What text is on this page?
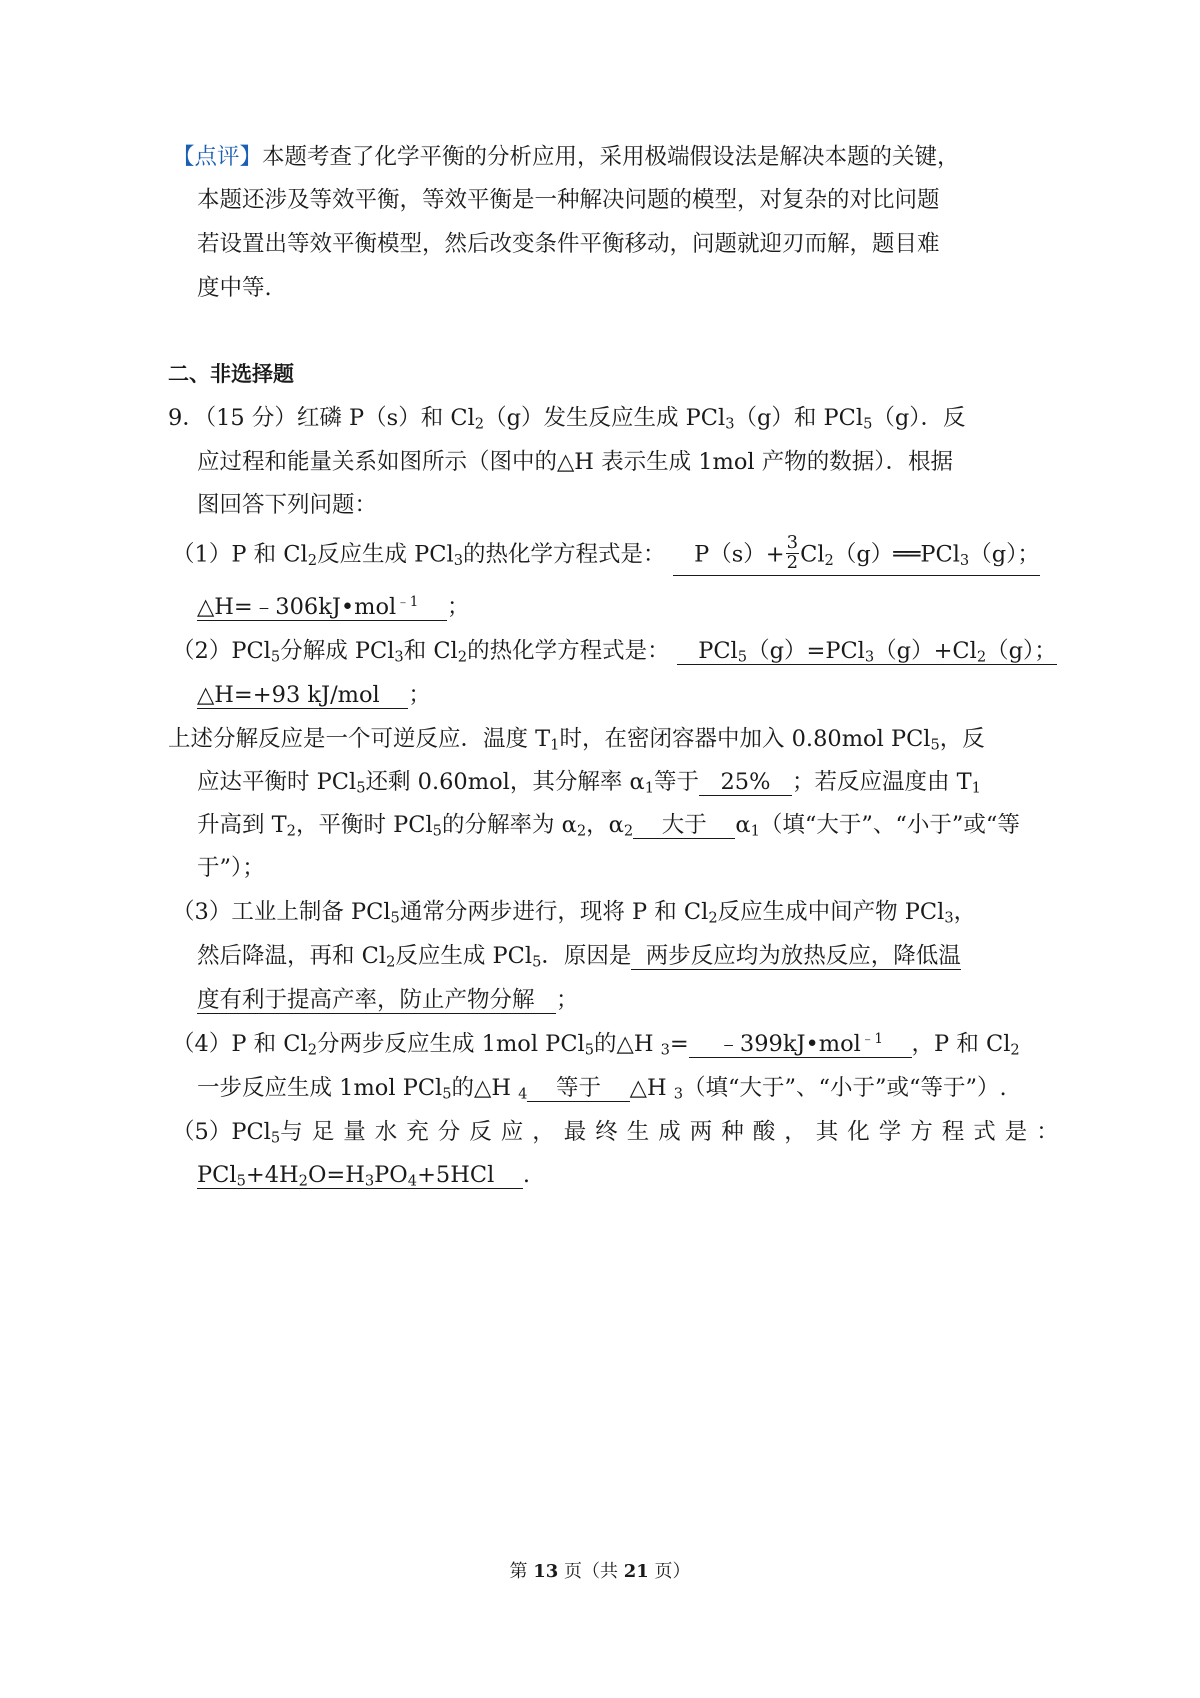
【点评】本题考查了化学平衡的分析应用，采用极端假设法是解决本题的关键，
本题还涉及等效平衡，等效平衡是一种解决问题的模型，对复杂的对比问题
若设置出等效平衡模型，然后改变条件平衡移动，问题就迎刃而解，题目难
度中等.
二、非选择题
9．（15 分）红磷 P（s）和 $Cl_2(g)$发生反应生成 PCl$_3$（g）和 PCl$_5$（g）．反
应过程和能量关系如图所示（图中的△H 表示生成 1mol 产物的数据）．根据
图回答下列问题：
（1）P 和 $Cl_2$反应生成 PCl$_3$的热化学方程式是： $P(s)+ \frac{3}{2}$ $Cl_2(g)══PCl_3(g)$；
△H=﹣306kJ•mol$^{﹣1}$ ；
（2）PCl$_5$分解成 PCl$_3$和 $Cl_2$的热化学方程式是： $PCl_5(g)=PCl_3(g)+Cl_2(g)$；
△H=+93 kJ/mol ；
上述分解反应是一个可逆反应．温度 $T_1$时，在密闭容器中加入 0.80mol PCl$_5$，反
应达平衡时 PCl$_5$还剩 0.60mol，其分解率 $\alpha_1$等于 25% ；若反应温度由 $T_1$
升高到 $T_2$，平衡时 PCl$_5$的分解率为 $\alpha_2$，$\alpha_2$ 大于 $\alpha_1$（填“大于”、“小于”或“等
于”）；
（3）工业上制备 PCl$_5$通常分两步进行，现将 P 和 $Cl_2$反应生成中间产物 PCl$_3$，
然后降温，再和 $Cl_2$反应生成 PCl$_5$．原因是 两步反应均为放热反应，降低温
度有利于提高产率，防止产物分解 ；
（4）P 和 $Cl_2$分两步反应生成 1mol PCl$_5$的△H $_3$= ﹣399kJ•mol$^{﹣1}$ ，P 和 $Cl_2$
一步反应生成 1mol PCl$_5$的△H $_4$ 等于 △H $_3$（填“大于”、“小于”或“等于”）.
（5） PCl$_5$ 与足量水充分反应，最终生成两种酸，其化学方程式是：
$PCl_5+4H_2O=H_3PO_4+5HCl$ .
第 13 页（共 21 页）
